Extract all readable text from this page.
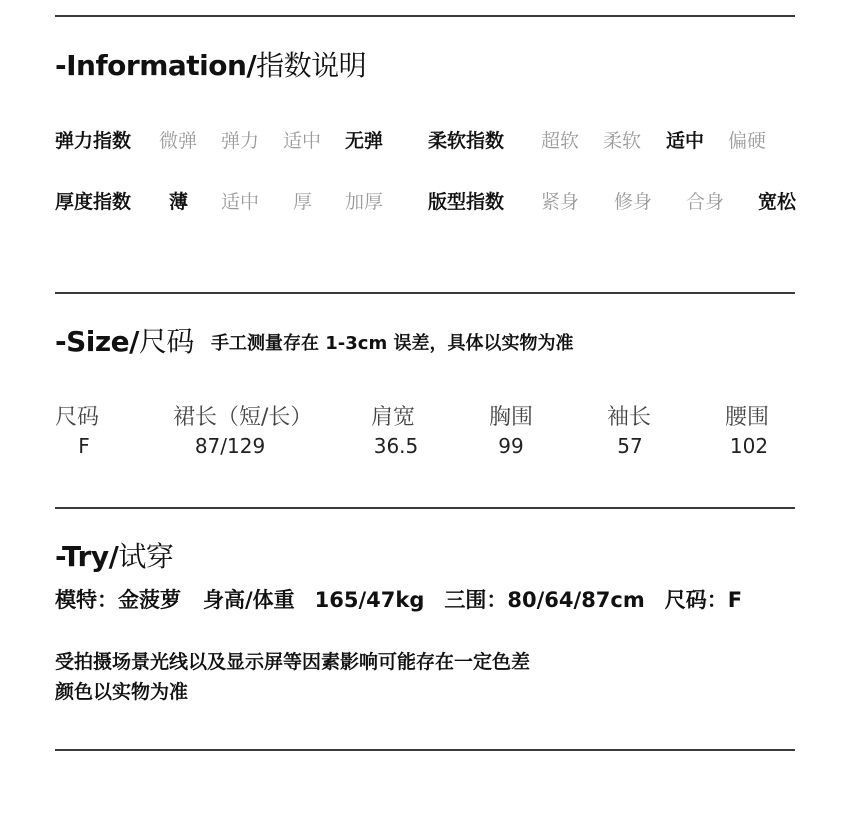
-Information/指数说明
弹力指数 微弹 弹力 适中 无弹 柔软指数 超软 柔软 适中 偏硬
厚度指数 薄 适中 厚 加厚 版型指数 紧身 修身 合身 宽松
-Size/尺码 手工测量存在 1-3cm 误差，具体以实物为准
尺码	裙长（短/长）	肩宽	胸围	袖长	腰围
F	87/129	36.5	99	57	102
-Try/试穿
模特：金菠萝 身高/体重 165/47kg 三围：80/64/87cm 尺码：F
受拍摄场景光线以及显示屏等因素影响可能存在一定色差
颜色以实物为准
